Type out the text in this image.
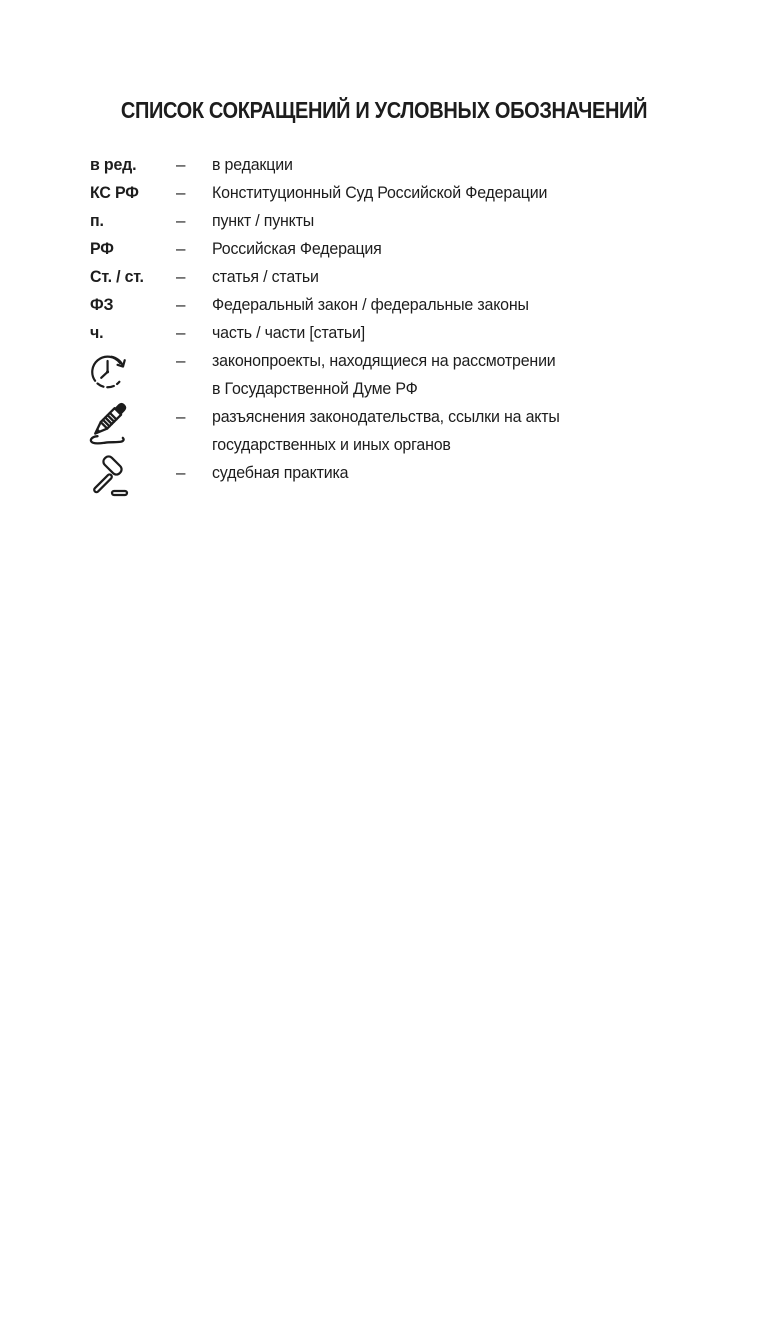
СПИСОК СОКРАЩЕНИЙ И УСЛОВНЫХ ОБОЗНАЧЕНИЙ
в ред.	–	в редакции
КС РФ	–	Конституционный Суд Российской Федерации
п.	–	пункт / пункты
РФ	–	Российская Федерация
Ст. / ст.	–	статья / статьи
ФЗ	–	Федеральный закон / федеральные законы
ч.	–	часть / части [статьи]
–	законопроекты, находящиеся на рассмотрении
в Государственной Думе РФ
–	разъяснения законодательства, ссылки на акты
государственных и иных органов
–	судебная практика
